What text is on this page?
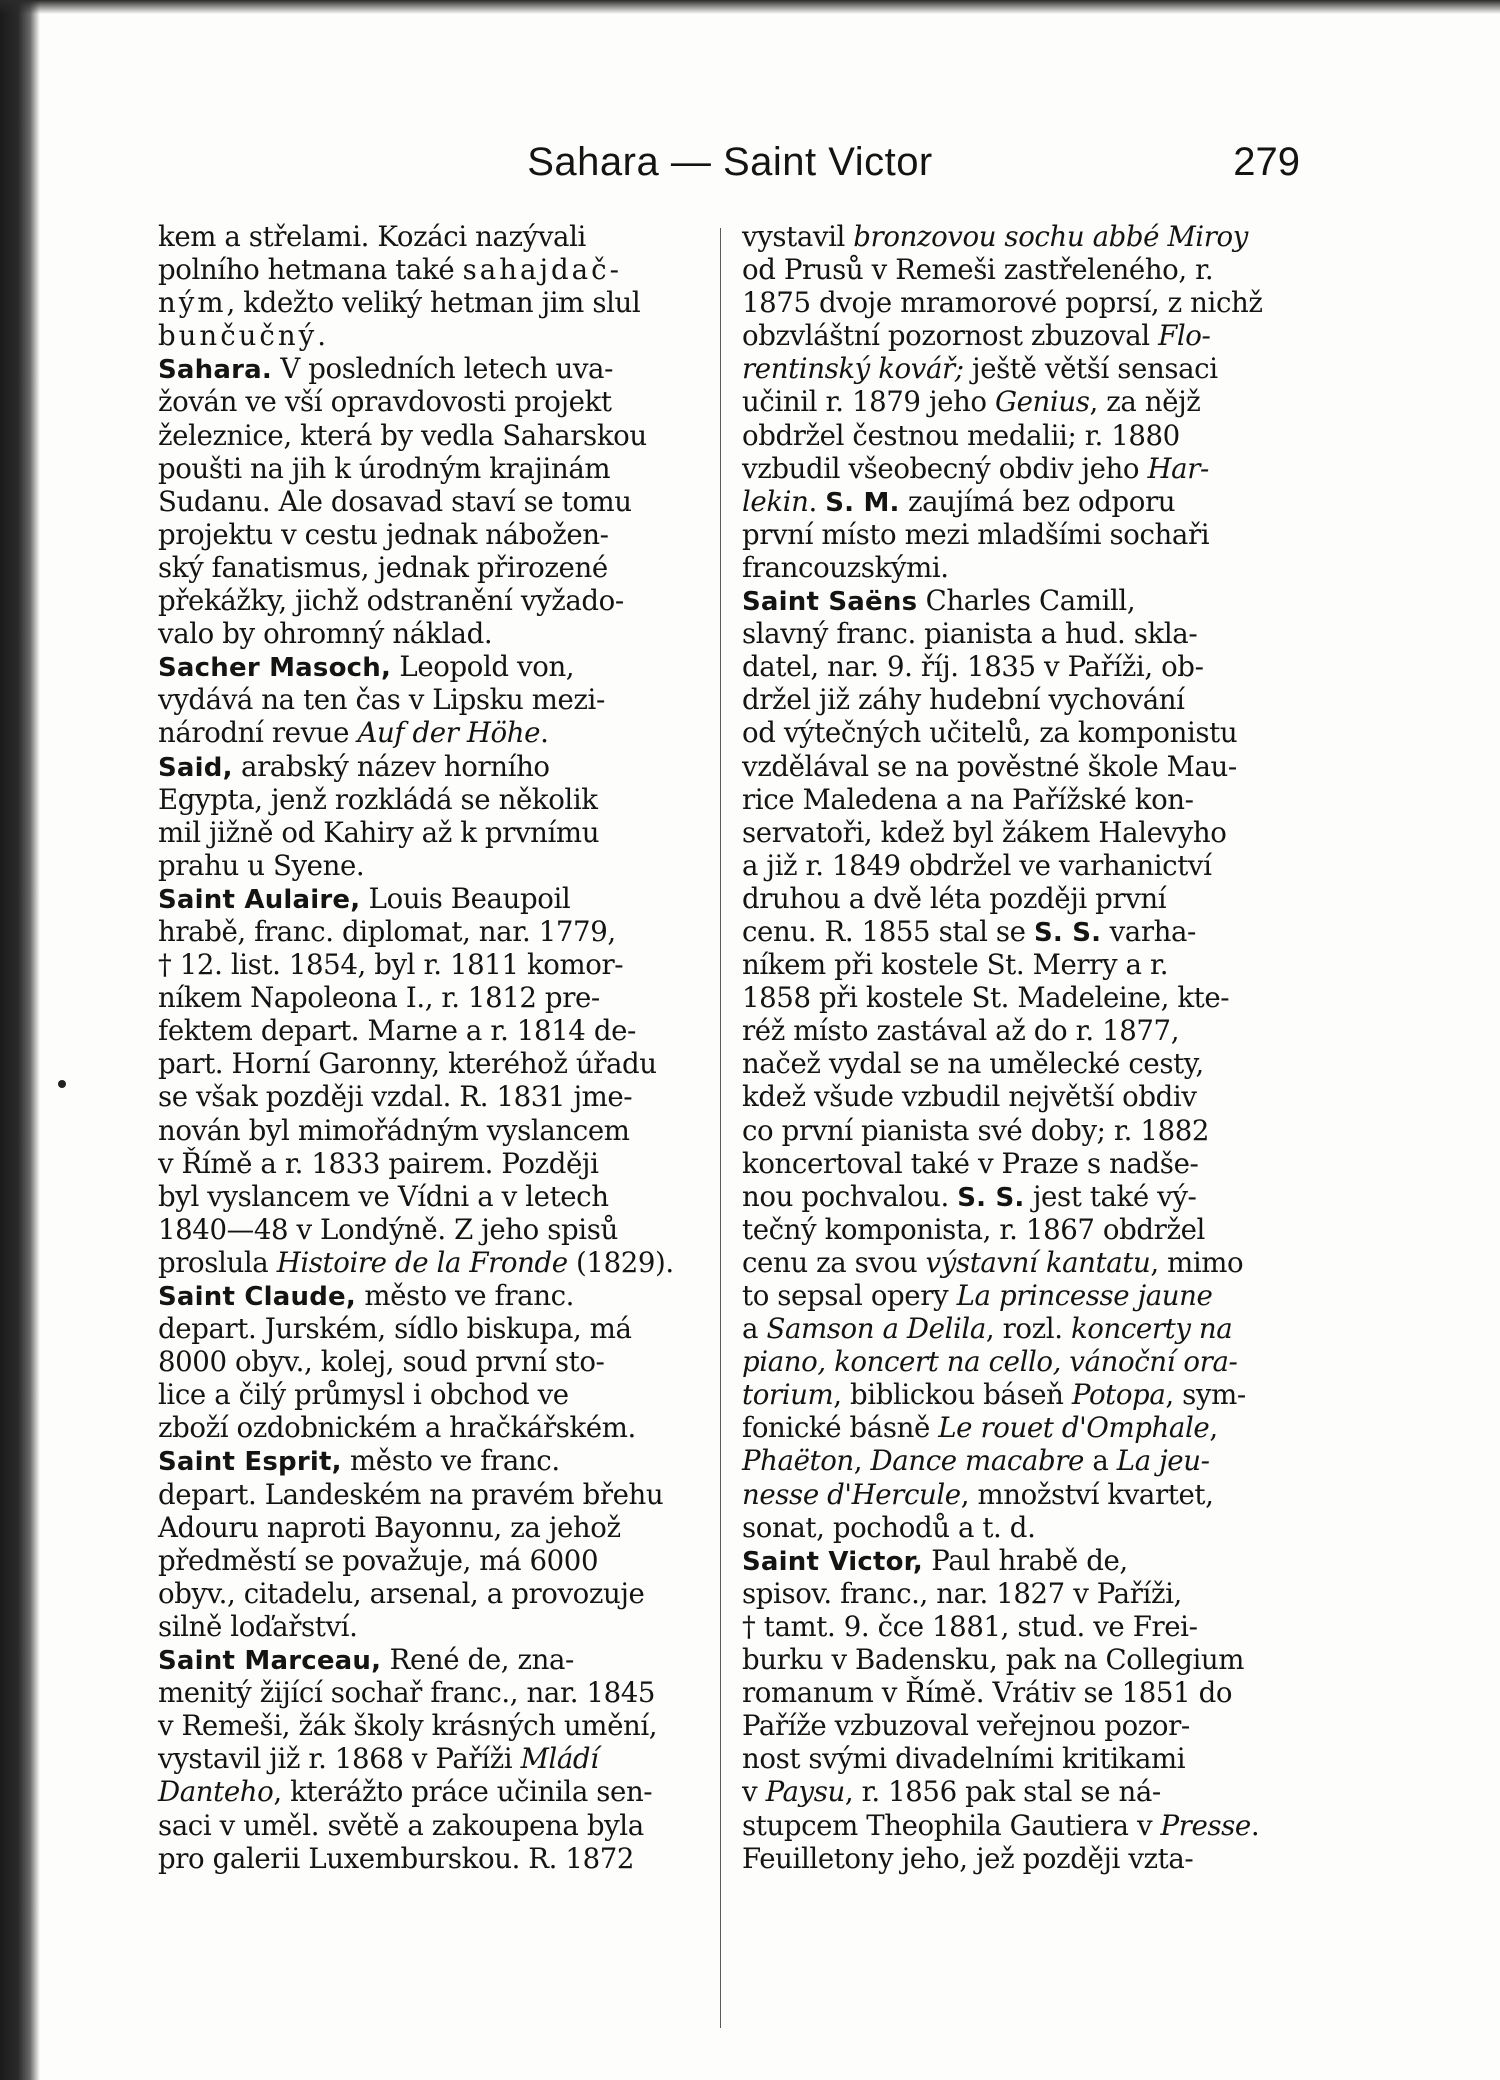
Sahara — Saint Victor	279
kem a střelami. Kozáci nazývali
polního hetmana také sahajdač-
ným, kdežto veliký hetman jim slul
bunčučný.
Sahara. V posledních letech uva-
žován ve vší opravdovosti projekt
železnice, která by vedla Saharskou
poušti na jih k úrodným krajinám
Sudanu. Ale dosavad staví se tomu
projektu v cestu jednak nábožen-
ský fanatismus, jednak přirozené
překážky, jichž odstranění vyžado-
valo by ohromný náklad.
Sacher Masoch, Leopold von,
vydává na ten čas v Lipsku mezi-
národní revue Auf der Höhe.
Said, arabský název horního
Egypta, jenž rozkládá se několik
mil jižně od Kahiry až k prvnímu
prahu u Syene.
Saint Aulaire, Louis Beaupoil
hrabě, franc. diplomat, nar. 1779,
† 12. list. 1854, byl r. 1811 komor-
níkem Napoleona I., r. 1812 pre-
fektem depart. Marne a r. 1814 de-
part. Horní Garonny, kteréhož úřadu
se však později vzdal. R. 1831 jme-
nován byl mimořádným vyslancem
v Římě a r. 1833 pairem. Později
byl vyslancem ve Vídni a v letech
1840—48 v Londýně. Z jeho spisů
proslula Histoire de la Fronde (1829).
Saint Claude, město ve franc.
depart. Jurském, sídlo biskupa, má
8000 obyv., kolej, soud první sto-
lice a čilý průmysl i obchod ve
zboží ozdobnickém a hračkářském.
Saint Esprit, město ve franc.
depart. Landeském na pravém břehu
Adouru naproti Bayonnu, za jehož
předměstí se považuje, má 6000
obyv., citadelu, arsenal, a provozuje
silně loďařství.
Saint Marceau, René de, zna-
menitý žijící sochař franc., nar. 1845
v Remeši, žák školy krásných umění,
vystavil již r. 1868 v Paříži Mládí
Danteho, kterážto práce učinila sen-
saci v uměl. světě a zakoupena byla
pro galerii Luxemburskou. R. 1872
vystavil bronzovou sochu abbé Miroy
od Prusů v Remeši zastřeleného, r.
1875 dvoje mramorové poprsí, z nichž
obzvláštní pozornost zbuzoval Flo-
rentinský kovář; ještě větší sensaci
učinil r. 1879 jeho Genius, za nějž
obdržel čestnou medalii; r. 1880
vzbudil všeobecný obdiv jeho Har-
lekin. S. M. zaujímá bez odporu
první místo mezi mladšími sochaři
francouzskými.
Saint Saëns Charles Camill,
slavný franc. pianista a hud. skla-
datel, nar. 9. říj. 1835 v Paříži, ob-
držel již záhy hudební vychování
od výtečných učitelů, za komponistu
vzdělával se na pověstné škole Mau-
rice Maledena a na Pařížské kon-
servatoři, kdež byl žákem Halevyho
a již r. 1849 obdržel ve varhanictví
druhou a dvě léta později první
cenu. R. 1855 stal se S. S. varha-
níkem při kostele St. Merry a r.
1858 při kostele St. Madeleine, kte-
réž místo zastával až do r. 1877,
načež vydal se na umělecké cesty,
kdež všude vzbudil největší obdiv
co první pianista své doby; r. 1882
koncertoval také v Praze s nadše-
nou pochvalou. S. S. jest také vý-
tečný komponista, r. 1867 obdržel
cenu za svou výstavní kantatu, mimo
to sepsal opery La princesse jaune
a Samson a Delila, rozl. koncerty na
piano, koncert na cello, vánoční ora-
torium, biblickou báseň Potopa, sym-
fonické básně Le rouet d'Omphale,
Phaëton, Dance macabre a La jeu-
nesse d'Hercule, množství kvartet,
sonat, pochodů a t. d.
Saint Victor, Paul hrabě de,
spisov. franc., nar. 1827 v Paříži,
† tamt. 9. čce 1881, stud. ve Frei-
burku v Badensku, pak na Collegium
romanum v Římě. Vrátiv se 1851 do
Paříže vzbuzoval veřejnou pozor-
nost svými divadelními kritikami
v Paysu, r. 1856 pak stal se ná-
stupcem Theophila Gautiera v Presse.
Feuilletony jeho, jež později vzta-
